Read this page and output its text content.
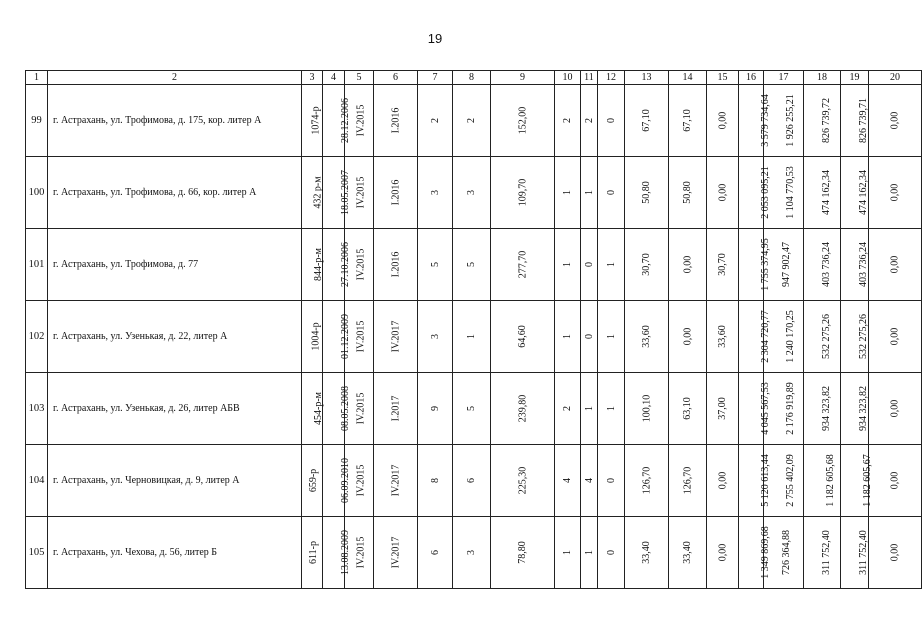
19
1	2	3	4	5	6	7	8	9	10	11	12	13	14	15	16	17	18	19	20
99	г. Астрахань, ул. Трофимова, д. 175, кор. литер А	1074-р	28.12.2006	IV.2015	I.2016	2	2	152,00	2	2	0	67,10	67,10	0,00	3 579 734,64	1 926 255,21	826 739,72	826 739,71	0,00
100	г. Астрахань, ул. Трофимова, д. 66, кор. литер А	432 р-м	18.05.2007	IV.2015	I.2016	3	3	109,70	1	1	0	50,80	50,80	0,00	2 053 095,21	1 104 770,53	474 162,34	474 162,34	0,00
101	г. Астрахань, ул. Трофимова, д. 77	844-р-м	27.10.2006	IV.2015	I.2016	5	5	277,70	1	0	1	30,70	0,00	30,70	1 755 374,95	947 902,47	403 736,24	403 736,24	0,00
102	г. Астрахань, ул. Узенькая, д. 22, литер А	1004-р	01.12.2009	IV.2015	IV.2017	3	1	64,60	1	0	1	33,60	0,00	33,60	2 304 720,77	1 240 170,25	532 275,26	532 275,26	0,00
103	г. Астрахань, ул. Узенькая, д. 26, литер АБВ	454-р-м	08.05.2008	IV.2015	I.2017	9	5	239,80	2	1	1	100,10	63,10	37,00	4 045 567,53	2 176 919,89	934 323,82	934 323,82	0,00
104	г. Астрахань, ул. Черновицкая, д. 9, литер А	659-р	06.09.2010	IV.2015	IV.2017	8	6	225,30	4	4	0	126,70	126,70	0,00	5 120 613,44	2 755 402,09	1 182 605,68	1 182 605,67	0,00
105	г. Астрахань, ул. Чехова, д. 56, литер Б	611-р	13.08.2009	IV.2015	IV.2017	6	3	78,80	1	1	0	33,40	33,40	0,00	1 349 869,68	726 364,88	311 752,40	311 752,40	0,00
